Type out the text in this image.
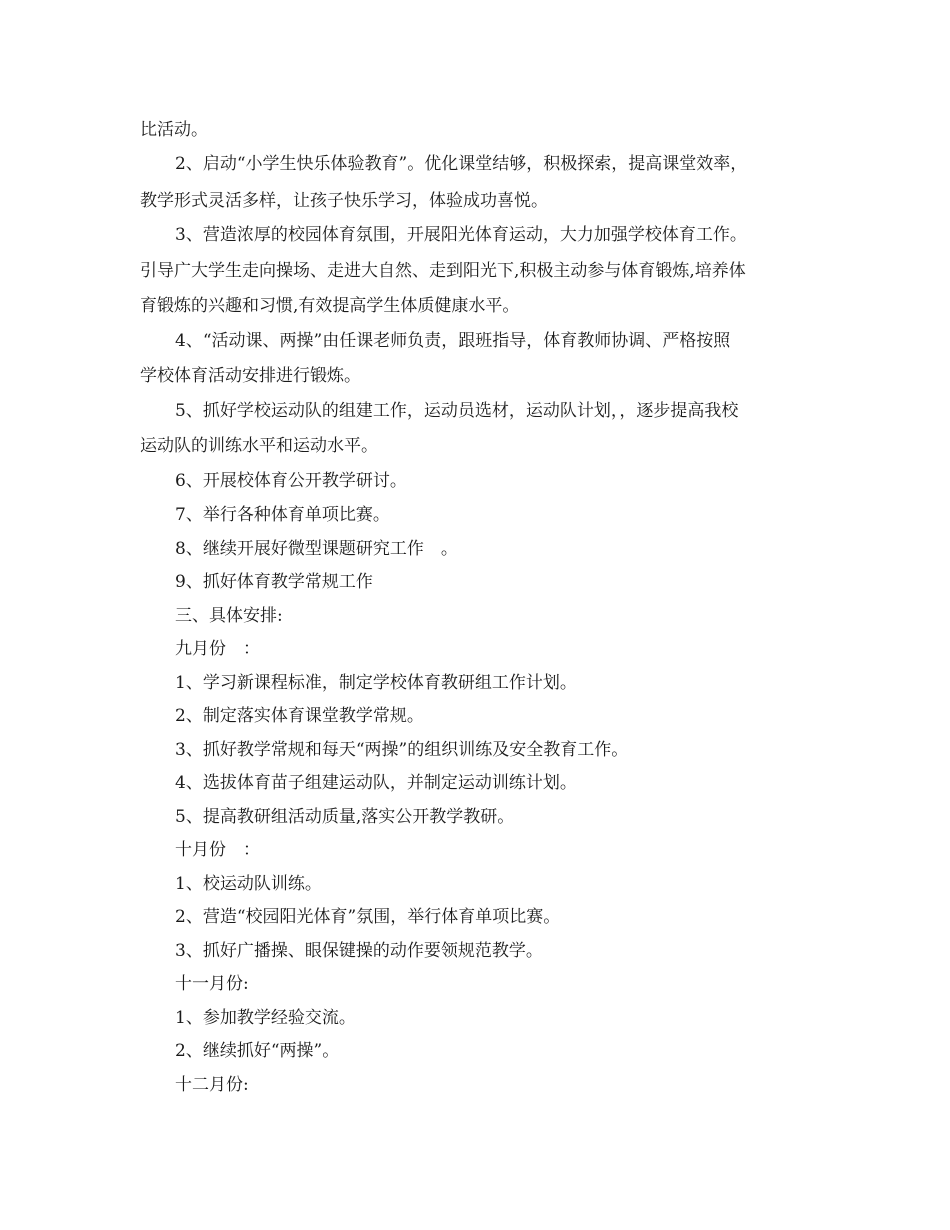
比活动。
2、启动“小学生快乐体验教育”。优化课堂结够，积极探索，提高课堂效率，
教学形式灵活多样，让孩子快乐学习，体验成功喜悦。
3、营造浓厚的校园体育氛围，开展阳光体育运动，大力加强学校体育工作。
引导广大学生走向操场、走进大自然、走到阳光下,积极主动参与体育锻炼,培养体
育锻炼的兴趣和习惯,有效提高学生体质健康水平。
4、“活动课、两操”由任课老师负责，跟班指导，体育教师协调、严格按照
学校体育活动安排进行锻炼。
5、抓好学校运动队的组建工作，运动员选材，运动队计划，，逐步提高我校
运动队的训练水平和运动水平。
6、开展校体育公开教学研讨。
7、举行各种体育单项比赛。
8、继续开展好微型课题研究工作　。
9、抓好体育教学常规工作
三、具体安排:
九月份　：
1、学习新课程标准，制定学校体育教研组工作计划。
2、制定落实体育课堂教学常规。
3、抓好教学常规和每天“两操”的组织训练及安全教育工作。
4、选拔体育苗子组建运动队，并制定运动训练计划。
5、提高教研组活动质量,落实公开教学教研。
十月份　：
1、校运动队训练。
2、营造“校园阳光体育”氛围，举行体育单项比赛。
3、抓好广播操、眼保键操的动作要领规范教学。
十一月份:
1、参加教学经验交流。
2、继续抓好“两操”。
十二月份:
